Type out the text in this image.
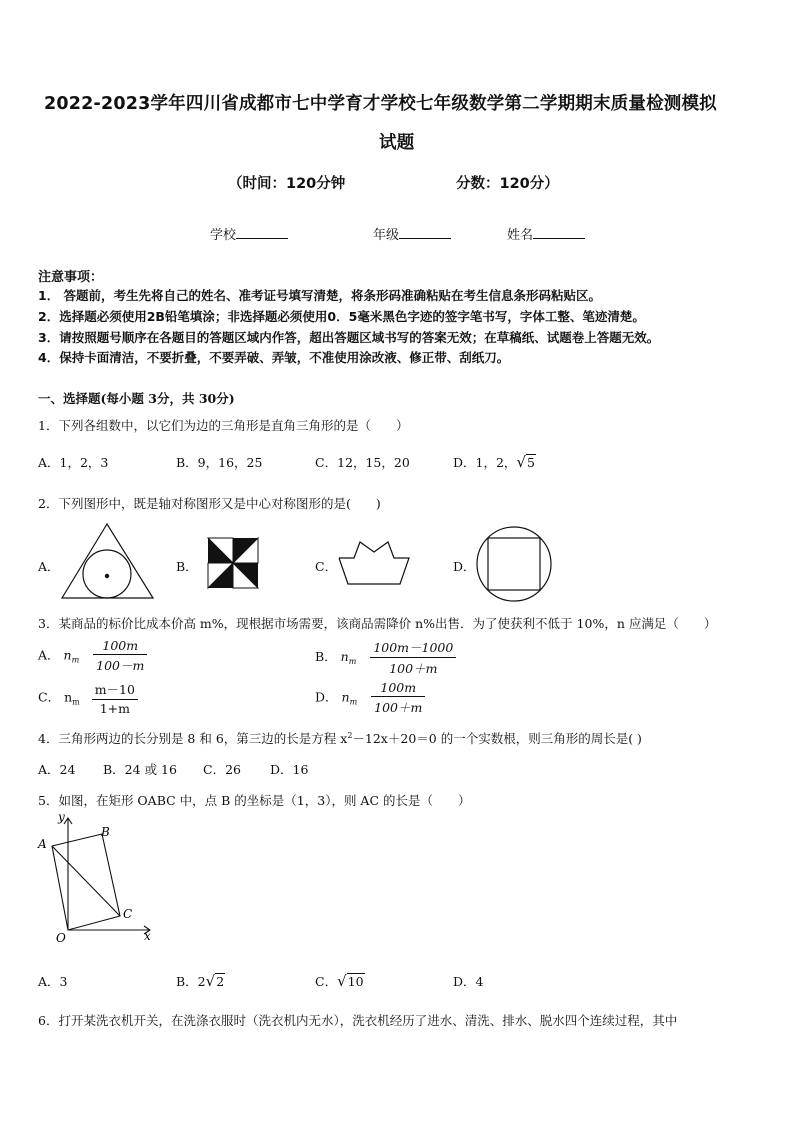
2022-2023学年四川省成都市七中学育才学校七年级数学第二学期期末质量检测模拟
试题
（时间：120分钟	分数：120分）
学校	年级	姓名
注意事项：
1． 答题前，考生先将自己的姓名、准考证号填写清楚，将条形码准确粘贴在考生信息条形码粘贴区。
2．选择题必须使用2B铅笔填涂；非选择题必须使用0．5毫米黑色字迹的签字笔书写，字体工整、笔迹清楚。
3．请按照题号顺序在各题目的答题区域内作答，超出答题区域书写的答案无效；在草稿纸、试题卷上答题无效。
4．保持卡面清洁，不要折叠，不要弄破、弄皱，不准使用涂改液、修正带、刮纸刀。
一、选择题(每小题 3分，共 30分)
1．下列各组数中，以它们为边的三角形是直角三角形的是（　　）
A．1，2，3	B．9，16，25	C．12，15，20	D．1，2，√5
2．下列图形中，既是轴对称图形又是中心对称图形的是(　　)
A．	B．	C．	D．
3．某商品的标价比成本价高 m%，现根据市场需要，该商品需降价 n%出售．为了使获利不低于 10%，n 应满足（　　）
A． $n_m \frac{100m}{100-m}$	B． $n_m \frac{100m-1000}{100+m}$
C． $n_m \frac{m-10}{1+m}$	D． $n_m \frac{100m}{100+m}$
4．三角形两边的长分别是 8 和 6，第三边的长是方程 $x^2-12x+20=0$ 的一个实数根，则三角形的周长是( )
A．24 B．24 或 16 C．26 D．16
5．如图，在矩形 OABC 中，点 B 的坐标是（1，3），则 AC 的长是（　　）
y
x
O
A
B
C
A．3	B．2√2	C．√10	D．4
6．打开某洗衣机开关，在洗涤衣服时（洗衣机内无水），洗衣机经历了进水、清洗、排水、脱水四个连续过程，其中
